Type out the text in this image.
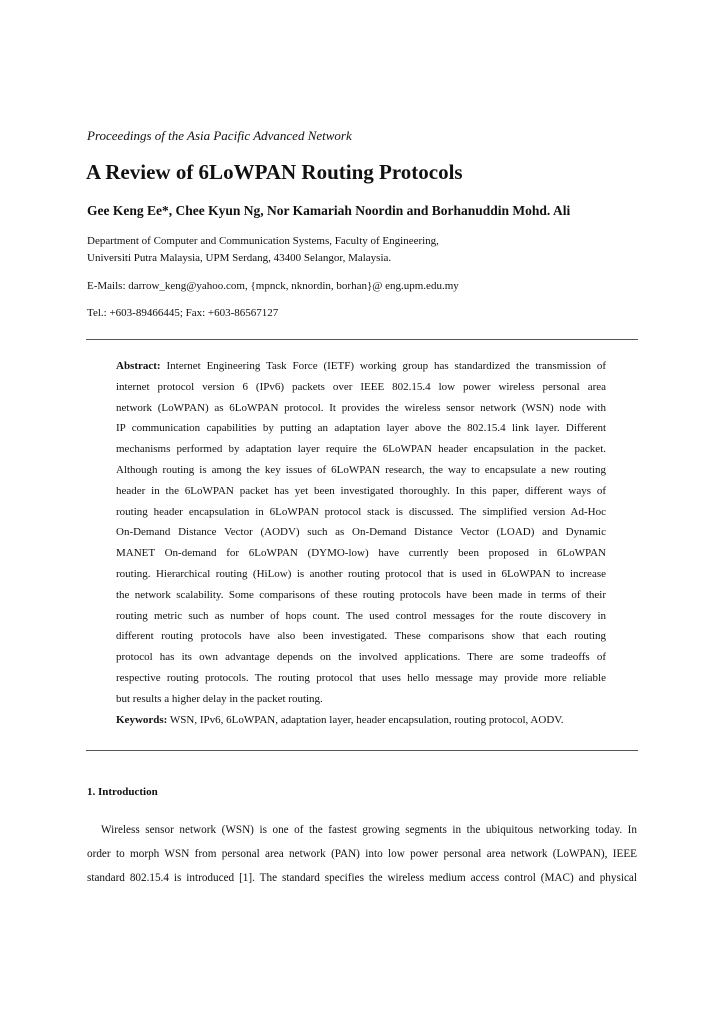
Proceedings of the Asia Pacific Advanced Network
A Review of 6LoWPAN Routing Protocols
Gee Keng Ee*, Chee Kyun Ng, Nor Kamariah Noordin and Borhanuddin Mohd. Ali
Department of Computer and Communication Systems, Faculty of Engineering,
Universiti Putra Malaysia, UPM Serdang, 43400 Selangor, Malaysia.
E-Mails: darrow_keng@yahoo.com, {mpnck, nknordin, borhan}@ eng.upm.edu.my
Tel.: +603-89466445; Fax: +603-86567127
Abstract: Internet Engineering Task Force (IETF) working group has standardized the transmission of
internet protocol version 6 (IPv6) packets over IEEE 802.15.4 low power wireless personal area
network (LoWPAN) as 6LoWPAN protocol. It provides the wireless sensor network (WSN) node with
IP communication capabilities by putting an adaptation layer above the 802.15.4 link layer. Different
mechanisms performed by adaptation layer require the 6LoWPAN header encapsulation in the packet.
Although routing is among the key issues of 6LoWPAN research, the way to encapsulate a new routing
header in the 6LoWPAN packet has yet been investigated thoroughly. In this paper, different ways of
routing header encapsulation in 6LoWPAN protocol stack is discussed. The simplified version Ad-Hoc
On-Demand Distance Vector (AODV) such as On-Demand Distance Vector (LOAD) and Dynamic
MANET On-demand for 6LoWPAN (DYMO-low) have currently been proposed in 6LoWPAN
routing. Hierarchical routing (HiLow) is another routing protocol that is used in 6LoWPAN to increase
the network scalability. Some comparisons of these routing protocols have been made in terms of their
routing metric such as number of hops count. The used control messages for the route discovery in
different routing protocols have also been investigated. These comparisons show that each routing
protocol has its own advantage depends on the involved applications. There are some tradeoffs of
respective routing protocols. The routing protocol that uses hello message may provide more reliable
but results a higher delay in the packet routing.
Keywords: WSN, IPv6, 6LoWPAN, adaptation layer, header encapsulation, routing protocol, AODV.
1. Introduction
Wireless sensor network (WSN) is one of the fastest growing segments in the ubiquitous networking today. In
order to morph WSN from personal area network (PAN) into low power personal area network (LoWPAN), IEEE
standard 802.15.4 is introduced [1]. The standard specifies the wireless medium access control (MAC) and physical
